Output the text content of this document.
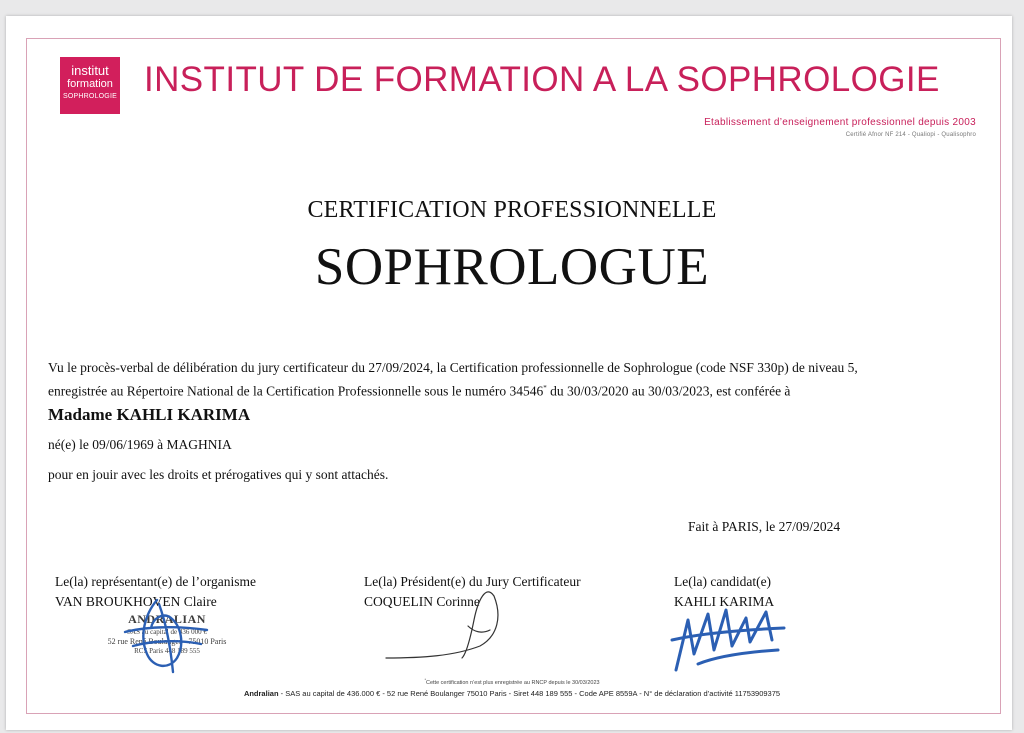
institut
formation
SOPHROLOGIE INSTITUT DE FORMATION A LA SOPHROLOGIE
Etablissement d’enseignement professionnel depuis 2003
Certifié Afnor NF 214 - Qualiopi - Qualisophro
CERTIFICATION PROFESSIONNELLE
SOPHROLOGUE
Vu le procès-verbal de délibération du jury certificateur du 27/09/2024, la Certification professionnelle de Sophrologue (code NSF 330p) de niveau 5,
enregistrée au Répertoire National de la Certification Professionnelle sous le numéro 34546* du 30/03/2020 au 30/03/2023, est conférée à
Madame KAHLI KARIMA
né(e) le 09/06/1969 à MAGHNIA
pour en jouir avec les droits et prérogatives qui y sont attachés.
Fait à PARIS, le 27/09/2024
Le(la) représentant(e) de l’organisme
VAN BROUKHOVEN Claire
Le(la) Président(e) du Jury Certificateur
COQUELIN Corinne
Le(la) candidat(e)
KAHLI KARIMA
ANDRALIAN
SAS au capital de 436 000 €
52 rue René Boulanger - 75010 Paris
RCS Paris 448 189 555
*Cette certification n’est plus enregistrée au RNCP depuis le 30/03/2023
Andralian - SAS au capital de 436.000 € - 52 rue René Boulanger 75010 Paris - Siret 448 189 555 - Code APE 8559A - N° de déclaration d’activité 11753909375
